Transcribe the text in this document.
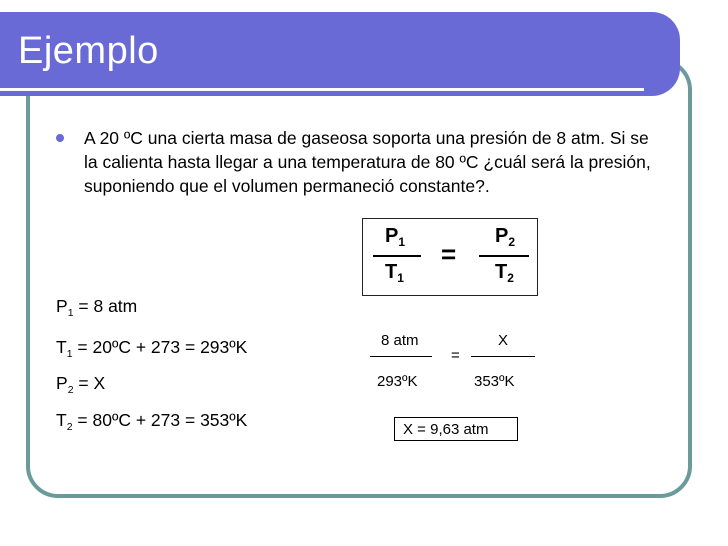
Ejemplo
A 20 ºC una cierta masa de gaseosa soporta una presión de 8 atm. Si se la calienta hasta llegar a una temperatura de 80 ºC ¿cuál será la presión, suponiendo que el volumen permaneció constante?.
$P_1$
$T_1$
=
$P_2$
$T_2$
$P_1 = 8$ atm
$T_1$ = 20ºC + 273 = 293ºK
$P_2 = X$
$T_2$ = 80ºC + 273 = 353ºK
8 atm
293ºK
=
X
353ºK
X = 9,63 atm
